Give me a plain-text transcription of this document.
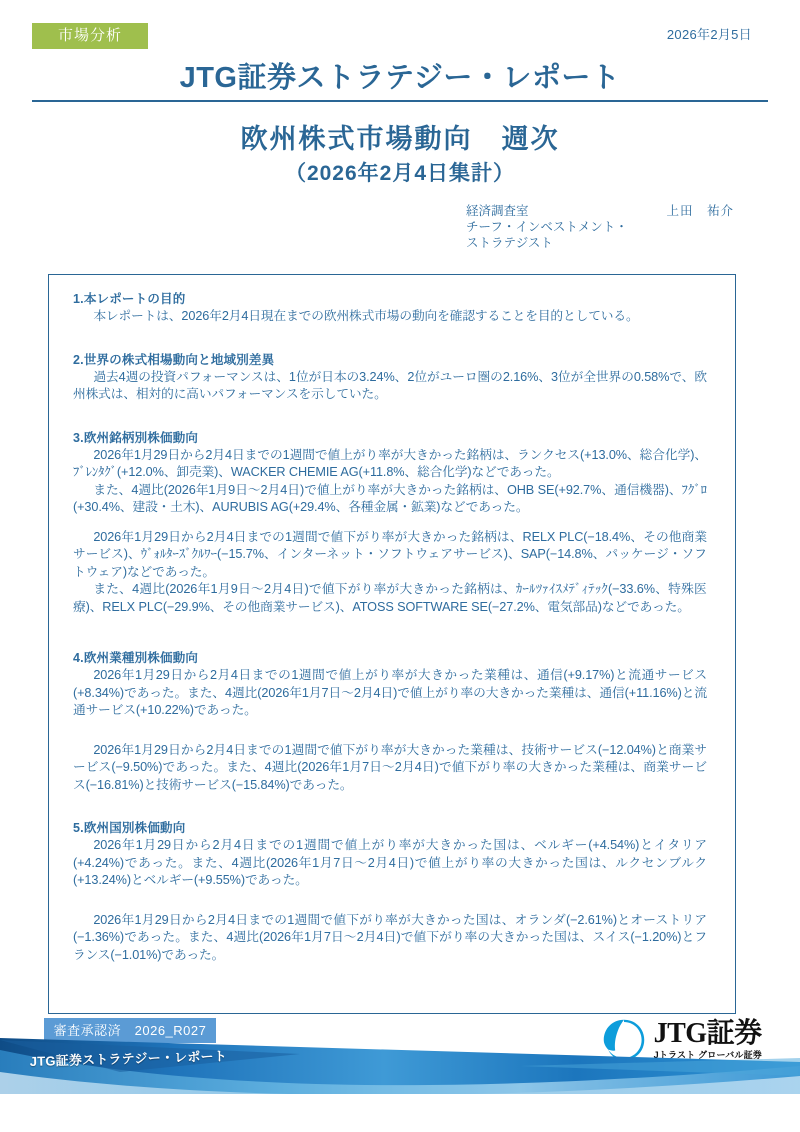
市場分析	2026年2月5日
JTG証券ストラテジー・レポート
欧州株式市場動向　週次
（2026年2月4日集計）
経済調査室	上田　祐介
チーフ・インベストメント・
ストラテジスト
1.本レポートの目的

本レポートは、2026年2月4日現在までの欧州株式市場の動向を確認することを目的としている。

2.世界の株式相場動向と地域別差異

過去4週の投資パフォーマンスは、1位が日本の3.24%、2位がユーロ圏の2.16%、3位が全世界の0.58%で、欧州株式は、相対的に高いパフォーマンスを示していた。

3.欧州銘柄別株価動向

2026年1月29日から2月4日までの1週間で値上がり率が大きかった銘柄は、ランクセス(+13.0%、総合化学)、ﾌﾞﾚﾝﾀｸﾞ(+12.0%、卸売業)、WACKER CHEMIE AG(+11.8%、総合化学)などであった。

また、4週比(2026年1月9日〜2月4日)で値上がり率が大きかった銘柄は、OHB SE(+92.7%、通信機器)、ﾌｸﾞﾛ(+30.4%、建設・土木)、AURUBIS AG(+29.4%、各種金属・鉱業)などであった。

2026年1月29日から2月4日までの1週間で値下がり率が大きかった銘柄は、RELX PLC(−18.4%、その他商業サービス)、ｳﾞｫﾙﾀｰｽﾞｸﾙﾜｰ(−15.7%、インターネット・ソフトウェアサービス)、SAP(−14.8%、パッケージ・ソフトウェア)などであった。

また、4週比(2026年1月9日〜2月4日)で値下がり率が大きかった銘柄は、ｶｰﾙﾂｧｲｽﾒﾃﾞｨﾃｯｸ(−33.6%、特殊医療)、RELX PLC(−29.9%、その他商業サービス)、ATOSS SOFTWARE SE(−27.2%、電気部品)などであった。

4.欧州業種別株価動向

2026年1月29日から2月4日までの1週間で値上がり率が大きかった業種は、通信(+9.17%)と流通サービス(+8.34%)であった。また、4週比(2026年1月7日〜2月4日)で値上がり率の大きかった業種は、通信(+11.16%)と流通サービス(+10.22%)であった。

2026年1月29日から2月4日までの1週間で値下がり率が大きかった業種は、技術サービス(−12.04%)と商業サービス(−9.50%)であった。また、4週比(2026年1月7日〜2月4日)で値下がり率の大きかった業種は、商業サービス(−16.81%)と技術サービス(−15.84%)であった。

5.欧州国別株価動向

2026年1月29日から2月4日までの1週間で値上がり率が大きかった国は、ベルギー(+4.54%)とイタリア(+4.24%)であった。また、4週比(2026年1月7日〜2月4日)で値上がり率の大きかった国は、ルクセンブルク(+13.24%)とベルギー(+9.55%)であった。

2026年1月29日から2月4日までの1週間で値下がり率が大きかった国は、オランダ(−2.61%)とオーストリア(−1.36%)であった。また、4週比(2026年1月7日〜2月4日)で値下がり率の大きかった国は、スイス(−1.20%)とフランス(−1.01%)であった。

審査承認済　2026_R027	JTG証券
Jトラスト グローバル証券
JTG証券ストラテジー・レポート
